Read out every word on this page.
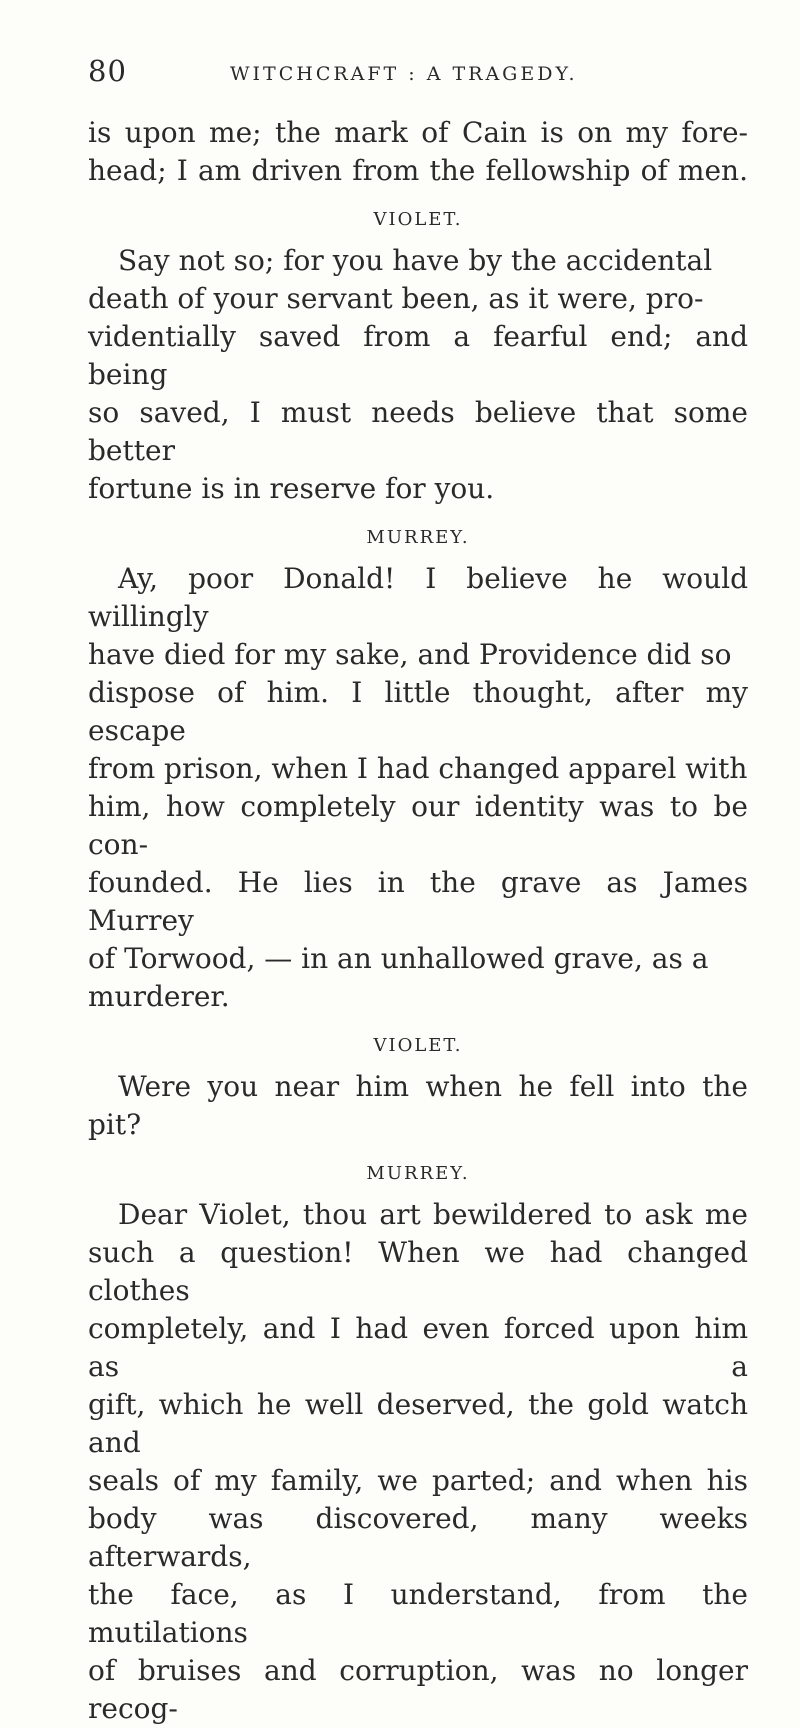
80	WITCHCRAFT : A TRAGEDY.

is upon me; the mark of Cain is on my fore-
head; I am driven from the fellowship of men.

VIOLET.

Say not so; for you have by the accidental
death of your servant been, as it were, pro-
videntially saved from a fearful end; and being
so saved, I must needs believe that some better
fortune is in reserve for you.

MURREY.

Ay, poor Donald! I believe he would willingly
have died for my sake, and Providence did so
dispose of him. I little thought, after my escape
from prison, when I had changed apparel with
him, how completely our identity was to be con-
founded. He lies in the grave as James Murrey
of Torwood, — in an unhallowed grave, as a
murderer.

VIOLET.

Were you near him when he fell into the pit?

MURREY.

Dear Violet, thou art bewildered to ask me
such a question! When we had changed clothes
completely, and I had even forced upon him as a
gift, which he well deserved, the gold watch and
seals of my family, we parted; and when his
body was discovered, many weeks afterwards,
the face, as I understand, from the mutilations
of bruises and corruption, was no longer recog-
